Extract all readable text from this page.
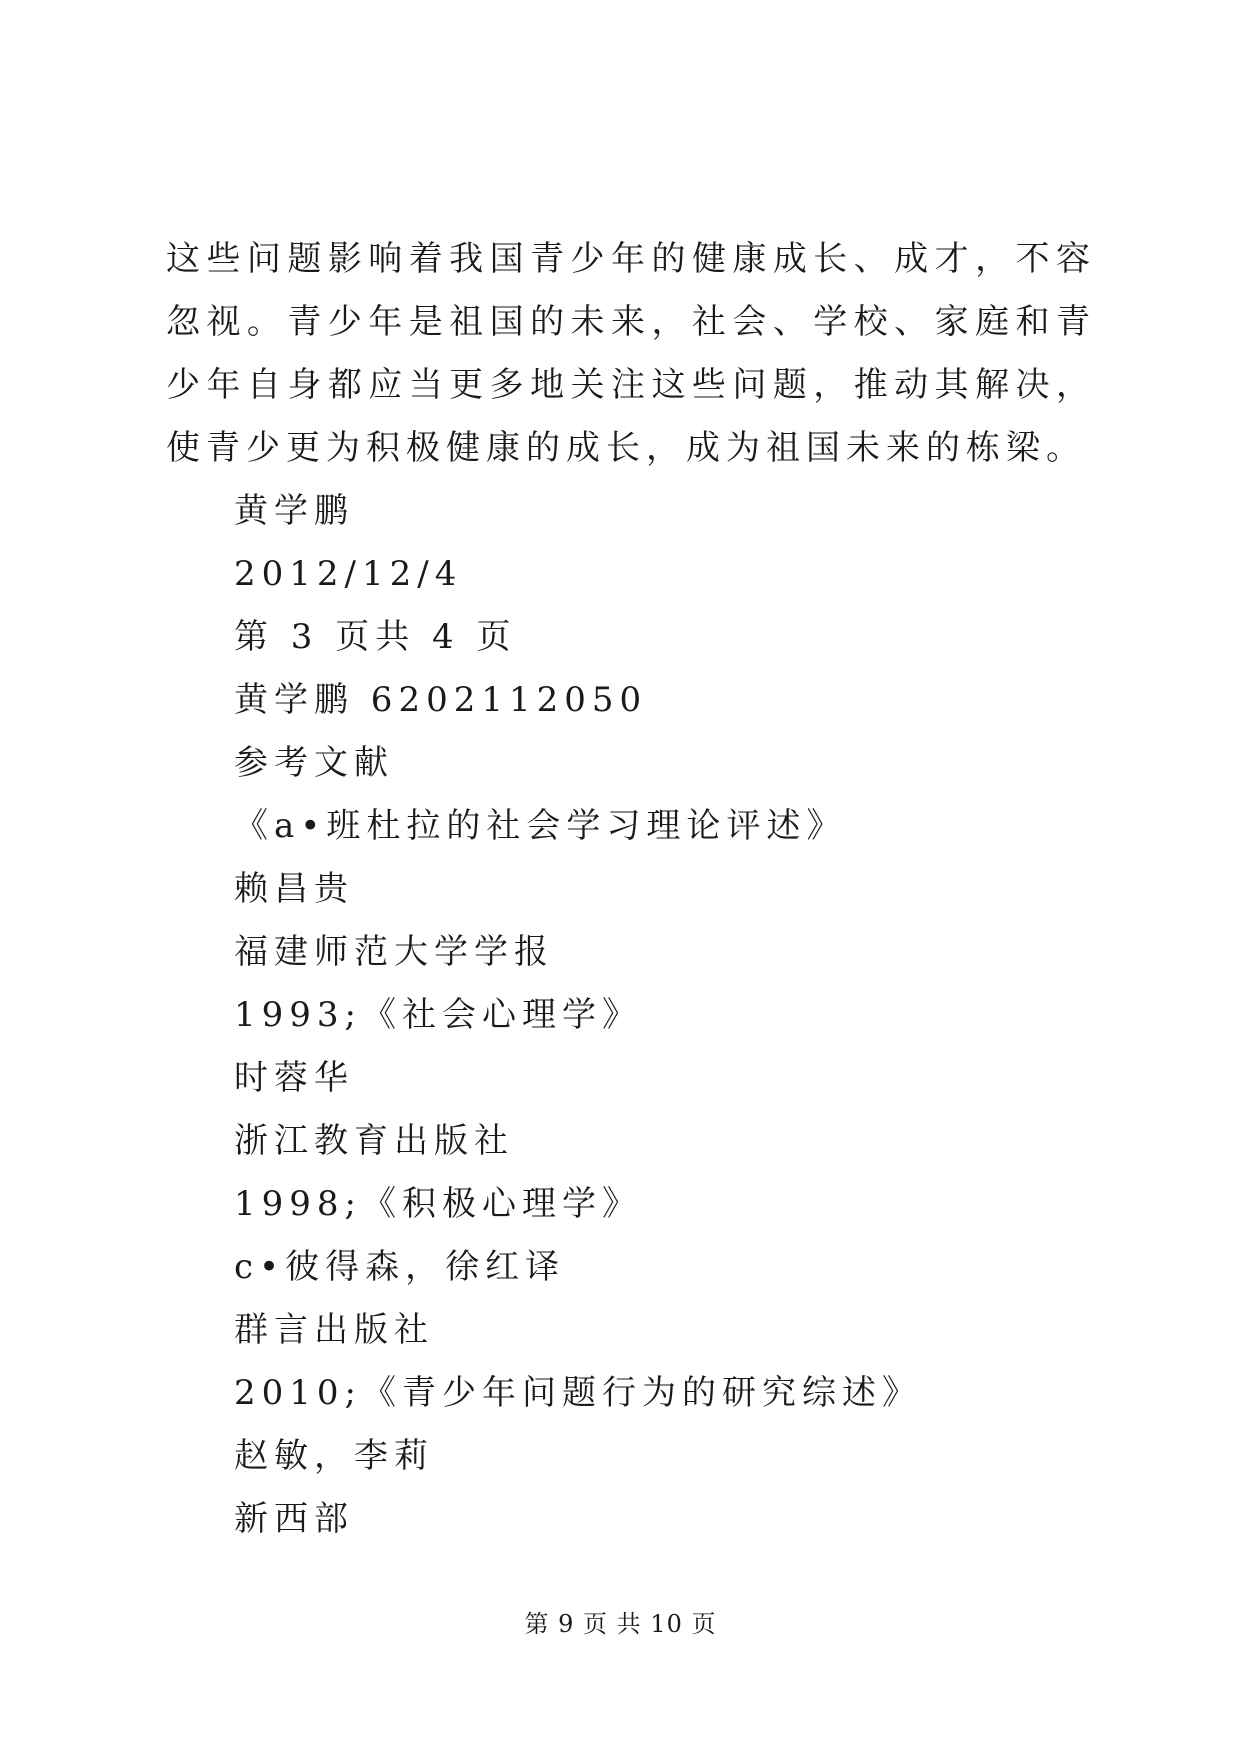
这些问题影响着我国青少年的健康成长、成才，不容忽视。青少年是祖国的未来，社会、学校、家庭和青少年自身都应当更多地关注这些问题，推动其解决，使青少更为积极健康的成长，成为祖国未来的栋梁。

黄学鹏
2012/12/4
第 3 页共 4 页
黄学鹏 6202112050
参考文献
《a•班杜拉的社会学习理论评述》
赖昌贵
福建师范大学学报
1993;《社会心理学》
时蓉华
浙江教育出版社
1998;《积极心理学》
c•彼得森，徐红译
群言出版社
2010;《青少年问题行为的研究综述》
赵敏，李莉
新西部
第 9 页 共 10 页
